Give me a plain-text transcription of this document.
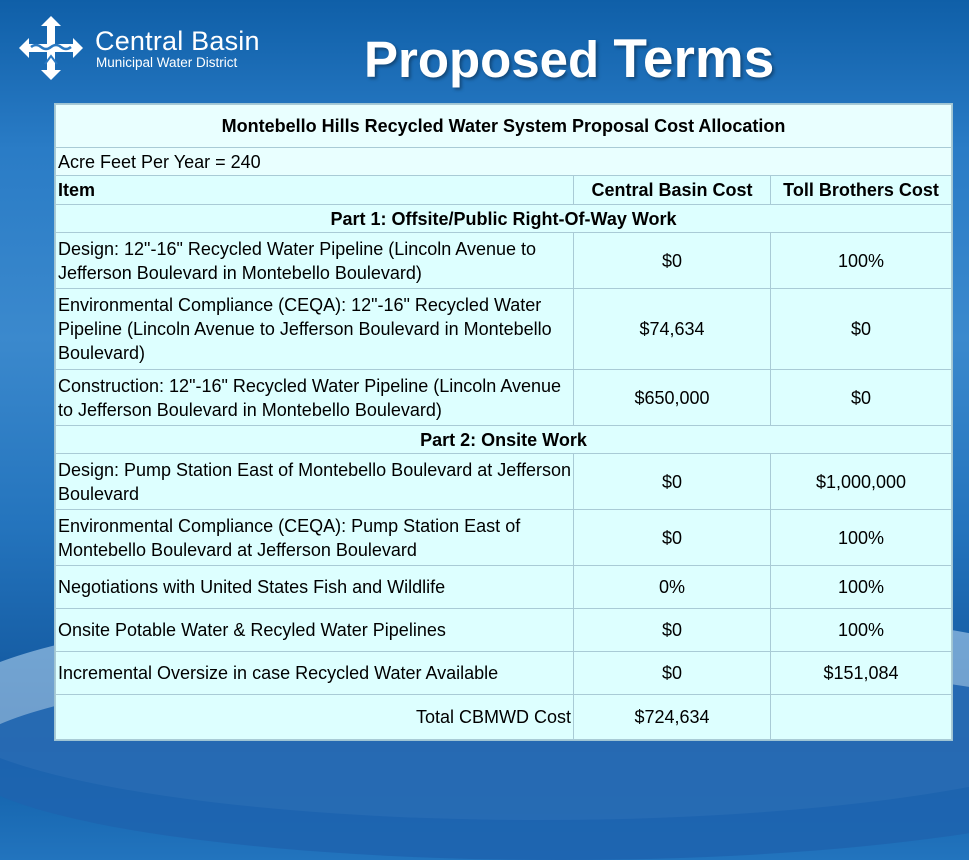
Central Basin
Municipal Water District Proposed Terms
Montebello Hills Recycled Water System Proposal Cost Allocation		
Acre Feet Per Year = 240		
Item	Central Basin Cost	Toll Brothers Cost
Part 1: Offsite/Public Right-Of-Way Work		
Design: 12"-16" Recycled Water Pipeline (Lincoln Avenue to Jefferson Boulevard in Montebello Boulevard)	$0	100%
Environmental Compliance (CEQA): 12"-16" Recycled Water Pipeline (Lincoln Avenue to Jefferson Boulevard in Montebello Boulevard)	$74,634	$0
Construction: 12"-16" Recycled Water Pipeline (Lincoln Avenue to Jefferson Boulevard in Montebello Boulevard)	$650,000	$0
Part 2: Onsite Work		
Design: Pump Station East of Montebello Boulevard at Jefferson Boulevard	$0	$1,000,000
Environmental Compliance (CEQA): Pump Station East of Montebello Boulevard at Jefferson Boulevard	$0	100%
Negotiations with United States Fish and Wildlife	0%	100%
Onsite Potable Water & Recyled Water Pipelines	$0	100%
Incremental Oversize in case Recycled Water Available	$0	$151,084
Total CBMWD Cost	$724,634	
